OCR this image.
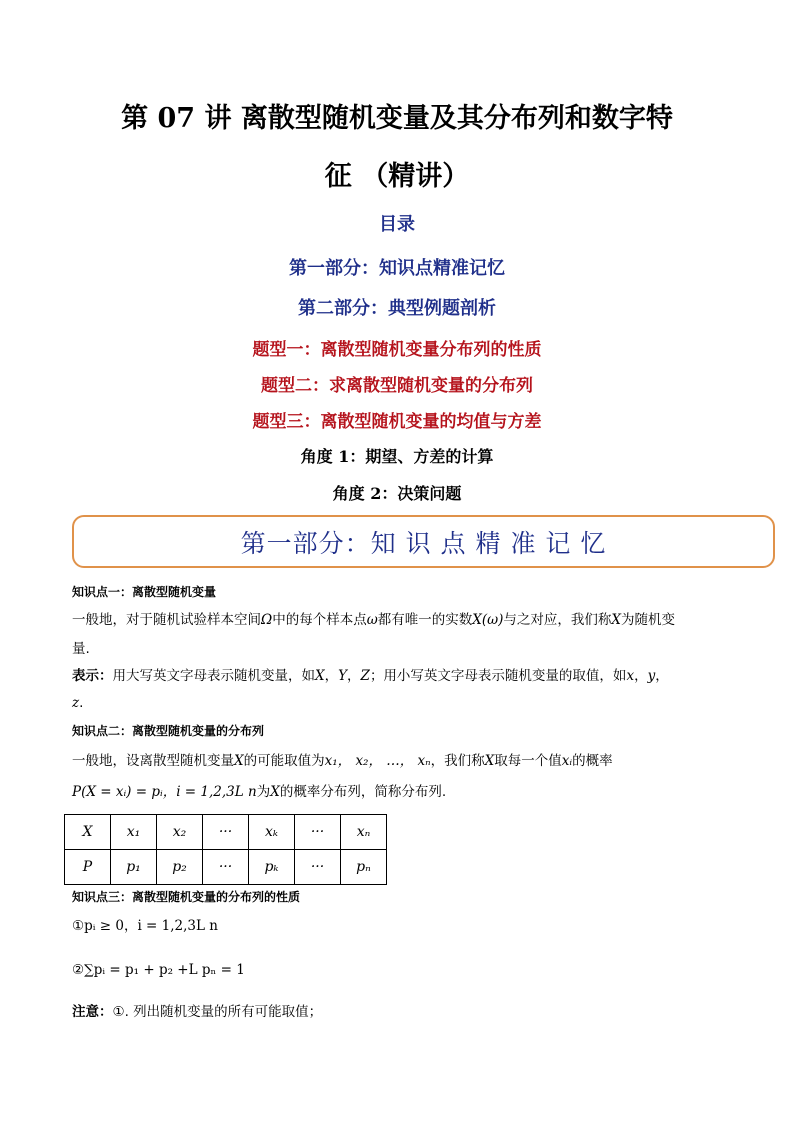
第 07 讲 离散型随机变量及其分布列和数字特
征 （精讲）
目录
第一部分：知识点精准记忆
第二部分：典型例题剖析
题型一：离散型随机变量分布列的性质
题型二：求离散型随机变量的分布列
题型三：离散型随机变量的均值与方差
角度 1：期望、方差的计算
角度 2：决策问题
第一部分：知 识 点 精 准 记 忆
知识点一：离散型随机变量
一般地，对于随机试验样本空间Ω中的每个样本点ω都有唯一的实数X(ω)与之对应，我们称X为随机变
量.
表示：用大写英文字母表示随机变量，如X，Y，Z；用小写英文字母表示随机变量的取值，如x，y，
z.
知识点二：离散型随机变量的分布列
一般地，设离散型随机变量X的可能取值为x₁， x₂， …， xₙ，我们称X取每一个值xᵢ的概率
P(X = xᵢ) = pᵢ，i = 1,2,3L n为X的概率分布列，简称分布列.
X	x₁	x₂	···	xₖ	···	xₙ
P	p₁	p₂	···	pₖ	···	pₙ
知识点三：离散型随机变量的分布列的性质
①pᵢ ≥ 0，i = 1,2,3L n
②∑pᵢ = p₁ + p₂ +L pₙ = 1
注意：①. 列出随机变量的所有可能取值；
